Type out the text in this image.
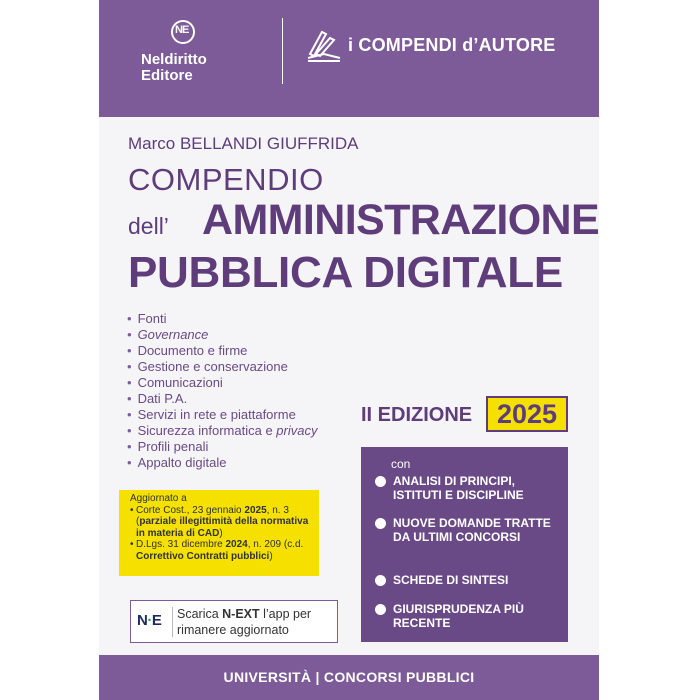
NE
Neldiritto Editore
i COMPENDI d’AUTORE
Marco BELLANDI GIUFFRIDA
COMPENDIO
dell’ AMMINISTRAZIONE
PUBBLICA DIGITALE
• Fonti
• Governance
• Documento e firme
• Gestione e conservazione
• Comunicazioni
• Dati P.A.
• Servizi in rete e piattaforme
• Sicurezza informatica e privacy
• Profili penali
• Appalto digitale
II EDIZIONE 2025
con
ANALISI DI PRINCIPI, ISTITUTI E DISCIPLINE
NUOVE DOMANDE TRATTE DA ULTIMI CONCORSI
SCHEDE DI SINTESI
GIURISPRUDENZA PIÙ RECENTE

Aggiornato a

• Corte Cost., 23 gennaio 2025, n. 3 (parziale illegittimità della normativa in materia di CAD)

• D.Lgs. 31 dicembre 2024, n. 209 (c.d. Correttivo Contratti pubblici)

N·E Scarica N-EXT l’app per rimanere aggiornato
UNIVERSITÀ | CONCORSI PUBBLICI
